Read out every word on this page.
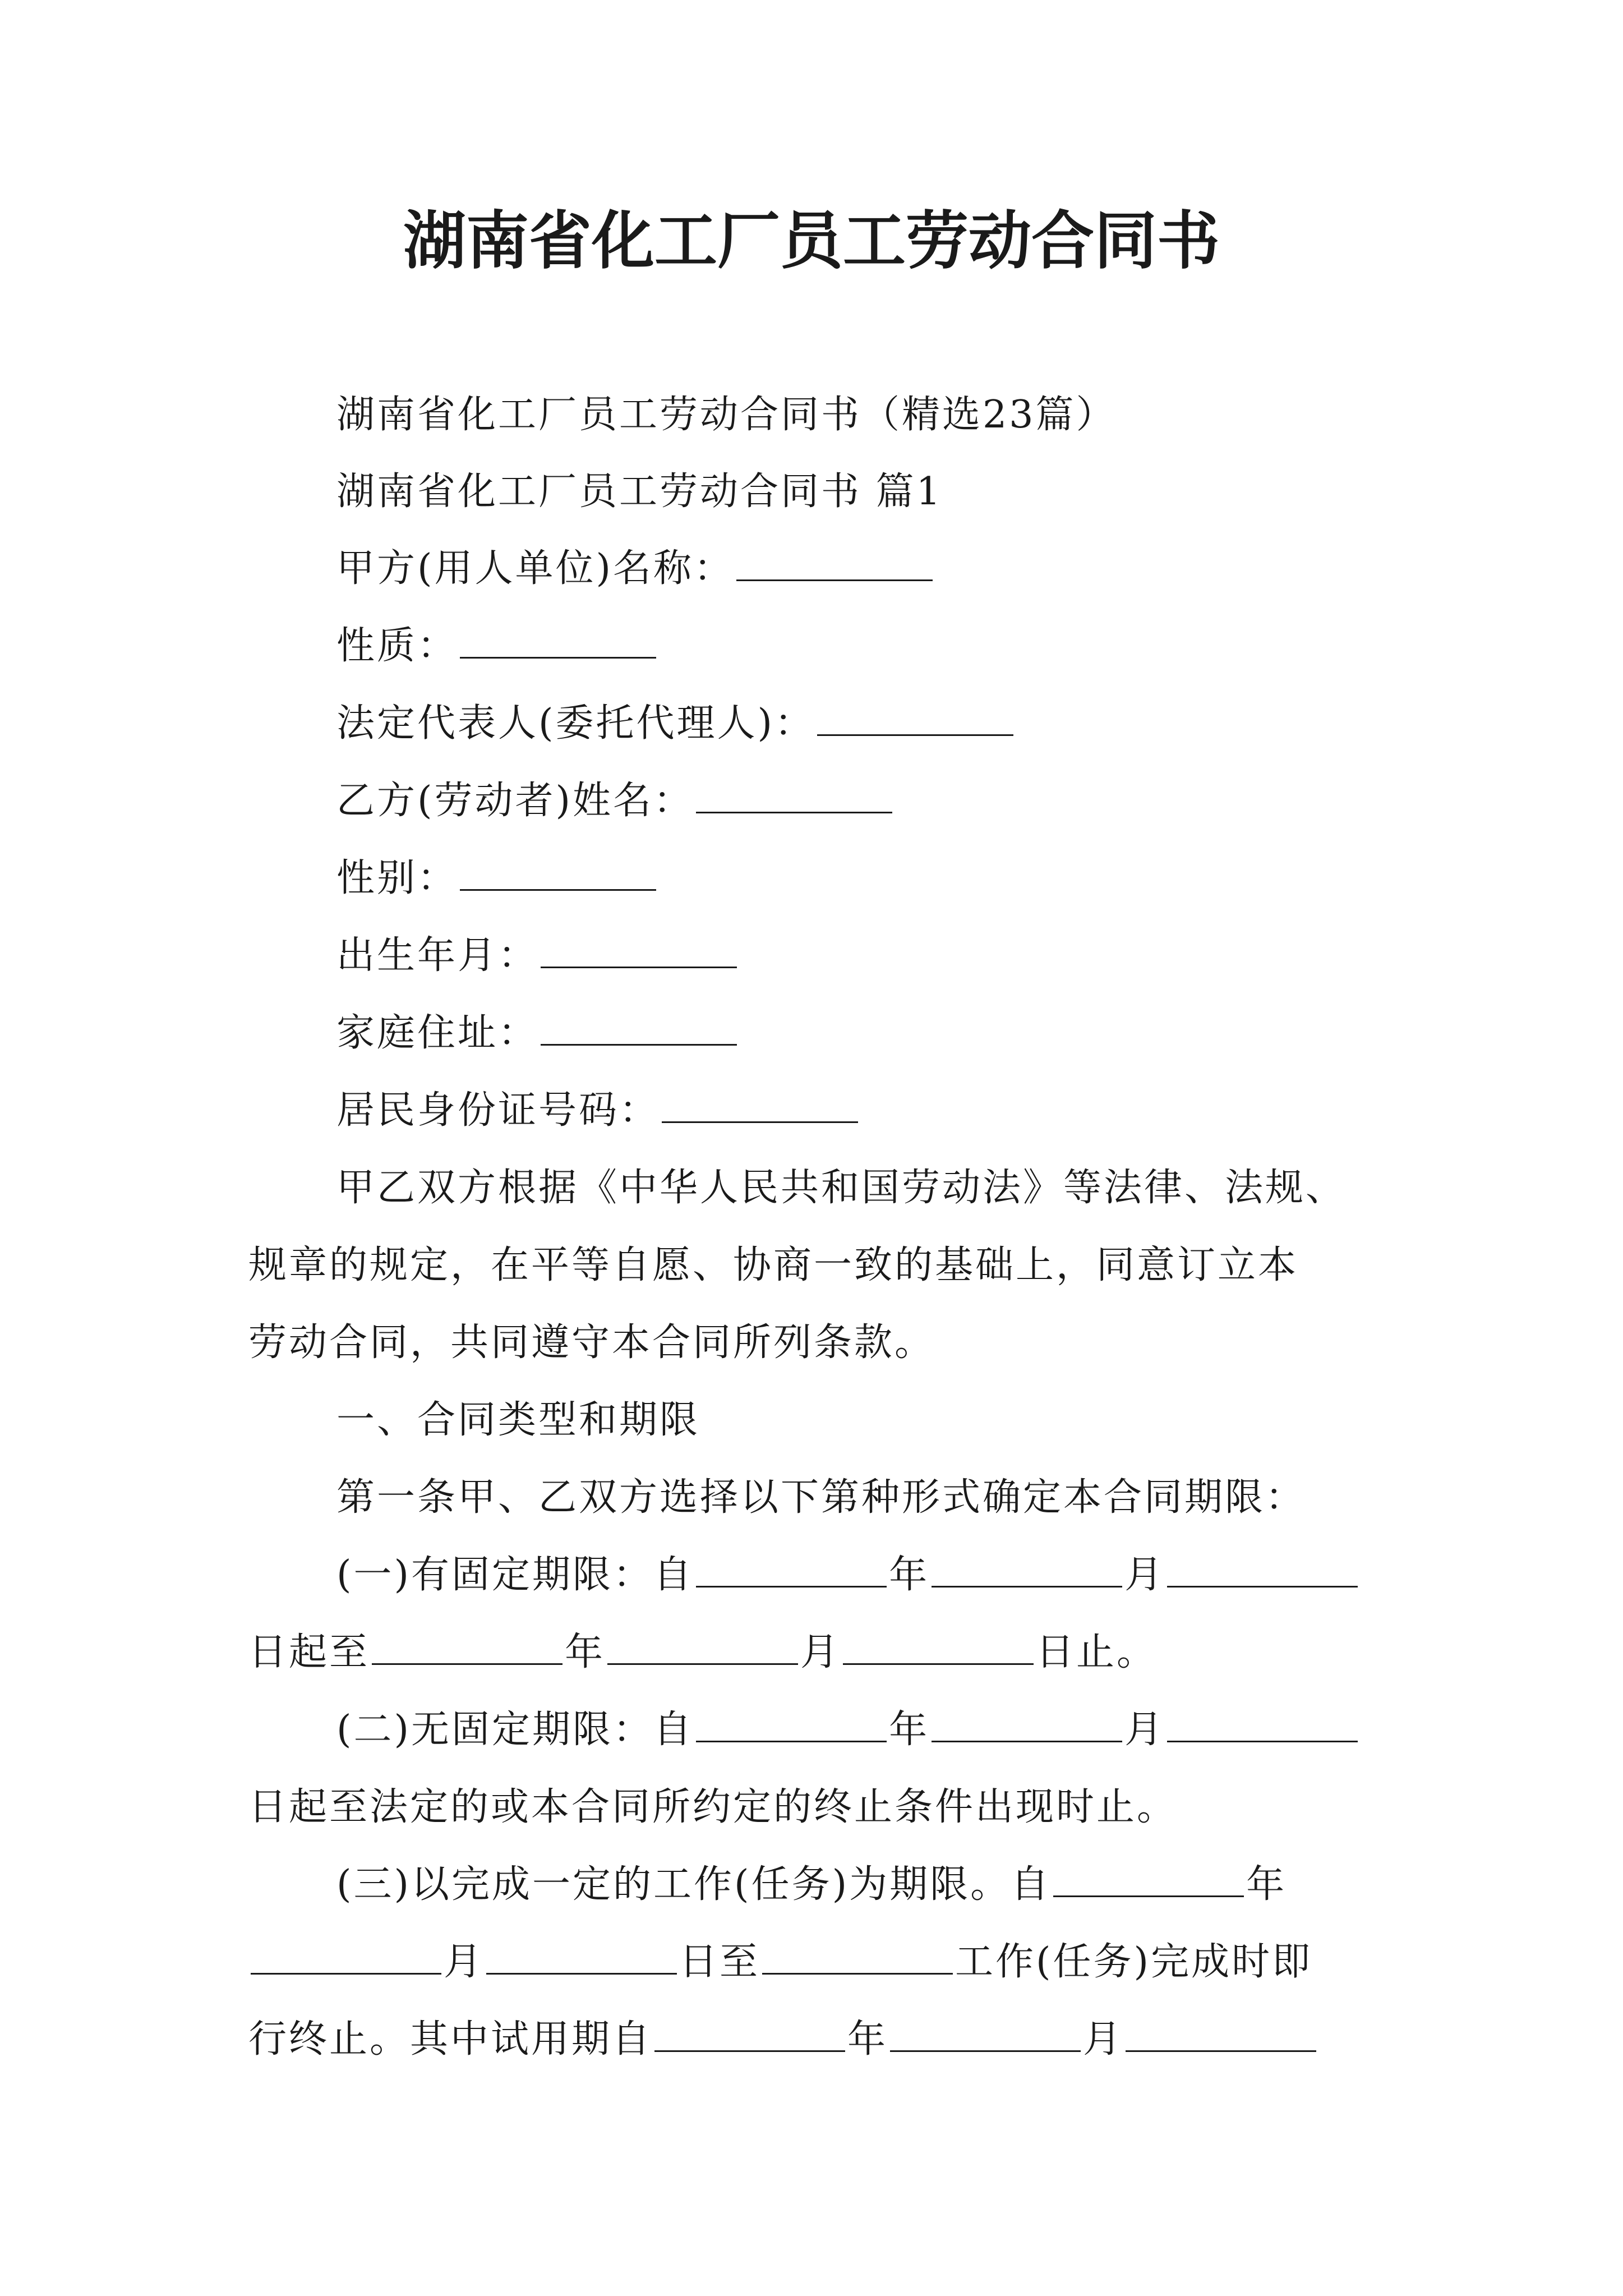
湖南省化工厂员工劳动合同书
湖南省化工厂员工劳动合同书（精选23篇）
湖南省化工厂员工劳动合同书 篇1
甲方(用人单位)名称：
性质：
法定代表人(委托代理人)：
乙方(劳动者)姓名：
性别：
出生年月：
家庭住址：
居民身份证号码：
甲乙双方根据《中华人民共和国劳动法》等法律、法规、
规章的规定，在平等自愿、协商一致的基础上，同意订立本
劳动合同，共同遵守本合同所列条款。
一、合同类型和期限
第一条甲、乙双方选择以下第种形式确定本合同期限：
(一)有固定期限：自	年	月
日起至	年	月	日止。
(二)无固定期限：自	年	月
日起至法定的或本合同所约定的终止条件出现时止。
(三)以完成一定的工作(任务)为期限。自	年
月	日至	工作(任务)完成时即
行终止。其中试用期自	年	月
